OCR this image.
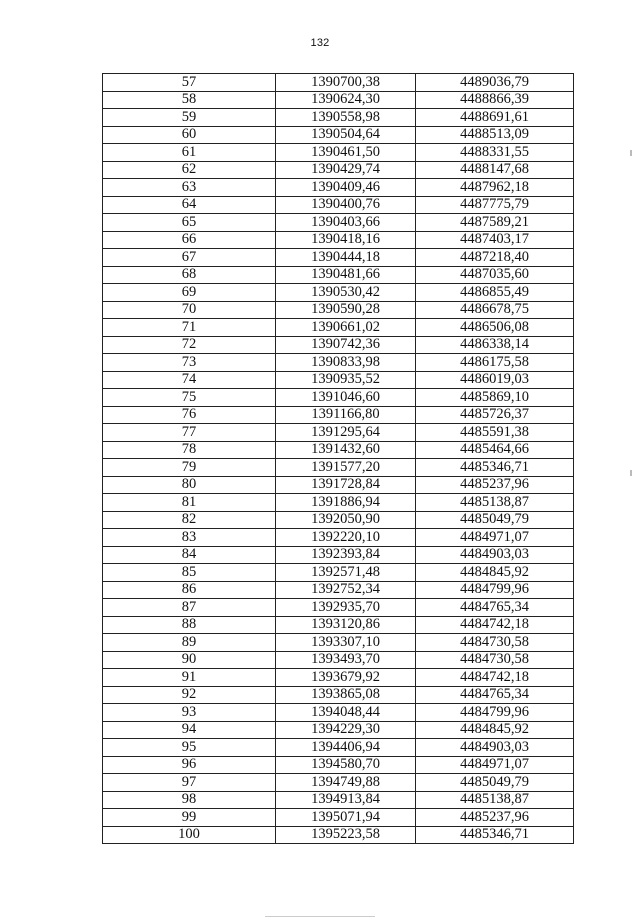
132
57	1390700,38	4489036,79
58	1390624,30	4488866,39
59	1390558,98	4488691,61
60	1390504,64	4488513,09
61	1390461,50	4488331,55
62	1390429,74	4488147,68
63	1390409,46	4487962,18
64	1390400,76	4487775,79
65	1390403,66	4487589,21
66	1390418,16	4487403,17
67	1390444,18	4487218,40
68	1390481,66	4487035,60
69	1390530,42	4486855,49
70	1390590,28	4486678,75
71	1390661,02	4486506,08
72	1390742,36	4486338,14
73	1390833,98	4486175,58
74	1390935,52	4486019,03
75	1391046,60	4485869,10
76	1391166,80	4485726,37
77	1391295,64	4485591,38
78	1391432,60	4485464,66
79	1391577,20	4485346,71
80	1391728,84	4485237,96
81	1391886,94	4485138,87
82	1392050,90	4485049,79
83	1392220,10	4484971,07
84	1392393,84	4484903,03
85	1392571,48	4484845,92
86	1392752,34	4484799,96
87	1392935,70	4484765,34
88	1393120,86	4484742,18
89	1393307,10	4484730,58
90	1393493,70	4484730,58
91	1393679,92	4484742,18
92	1393865,08	4484765,34
93	1394048,44	4484799,96
94	1394229,30	4484845,92
95	1394406,94	4484903,03
96	1394580,70	4484971,07
97	1394749,88	4485049,79
98	1394913,84	4485138,87
99	1395071,94	4485237,96
100	1395223,58	4485346,71
